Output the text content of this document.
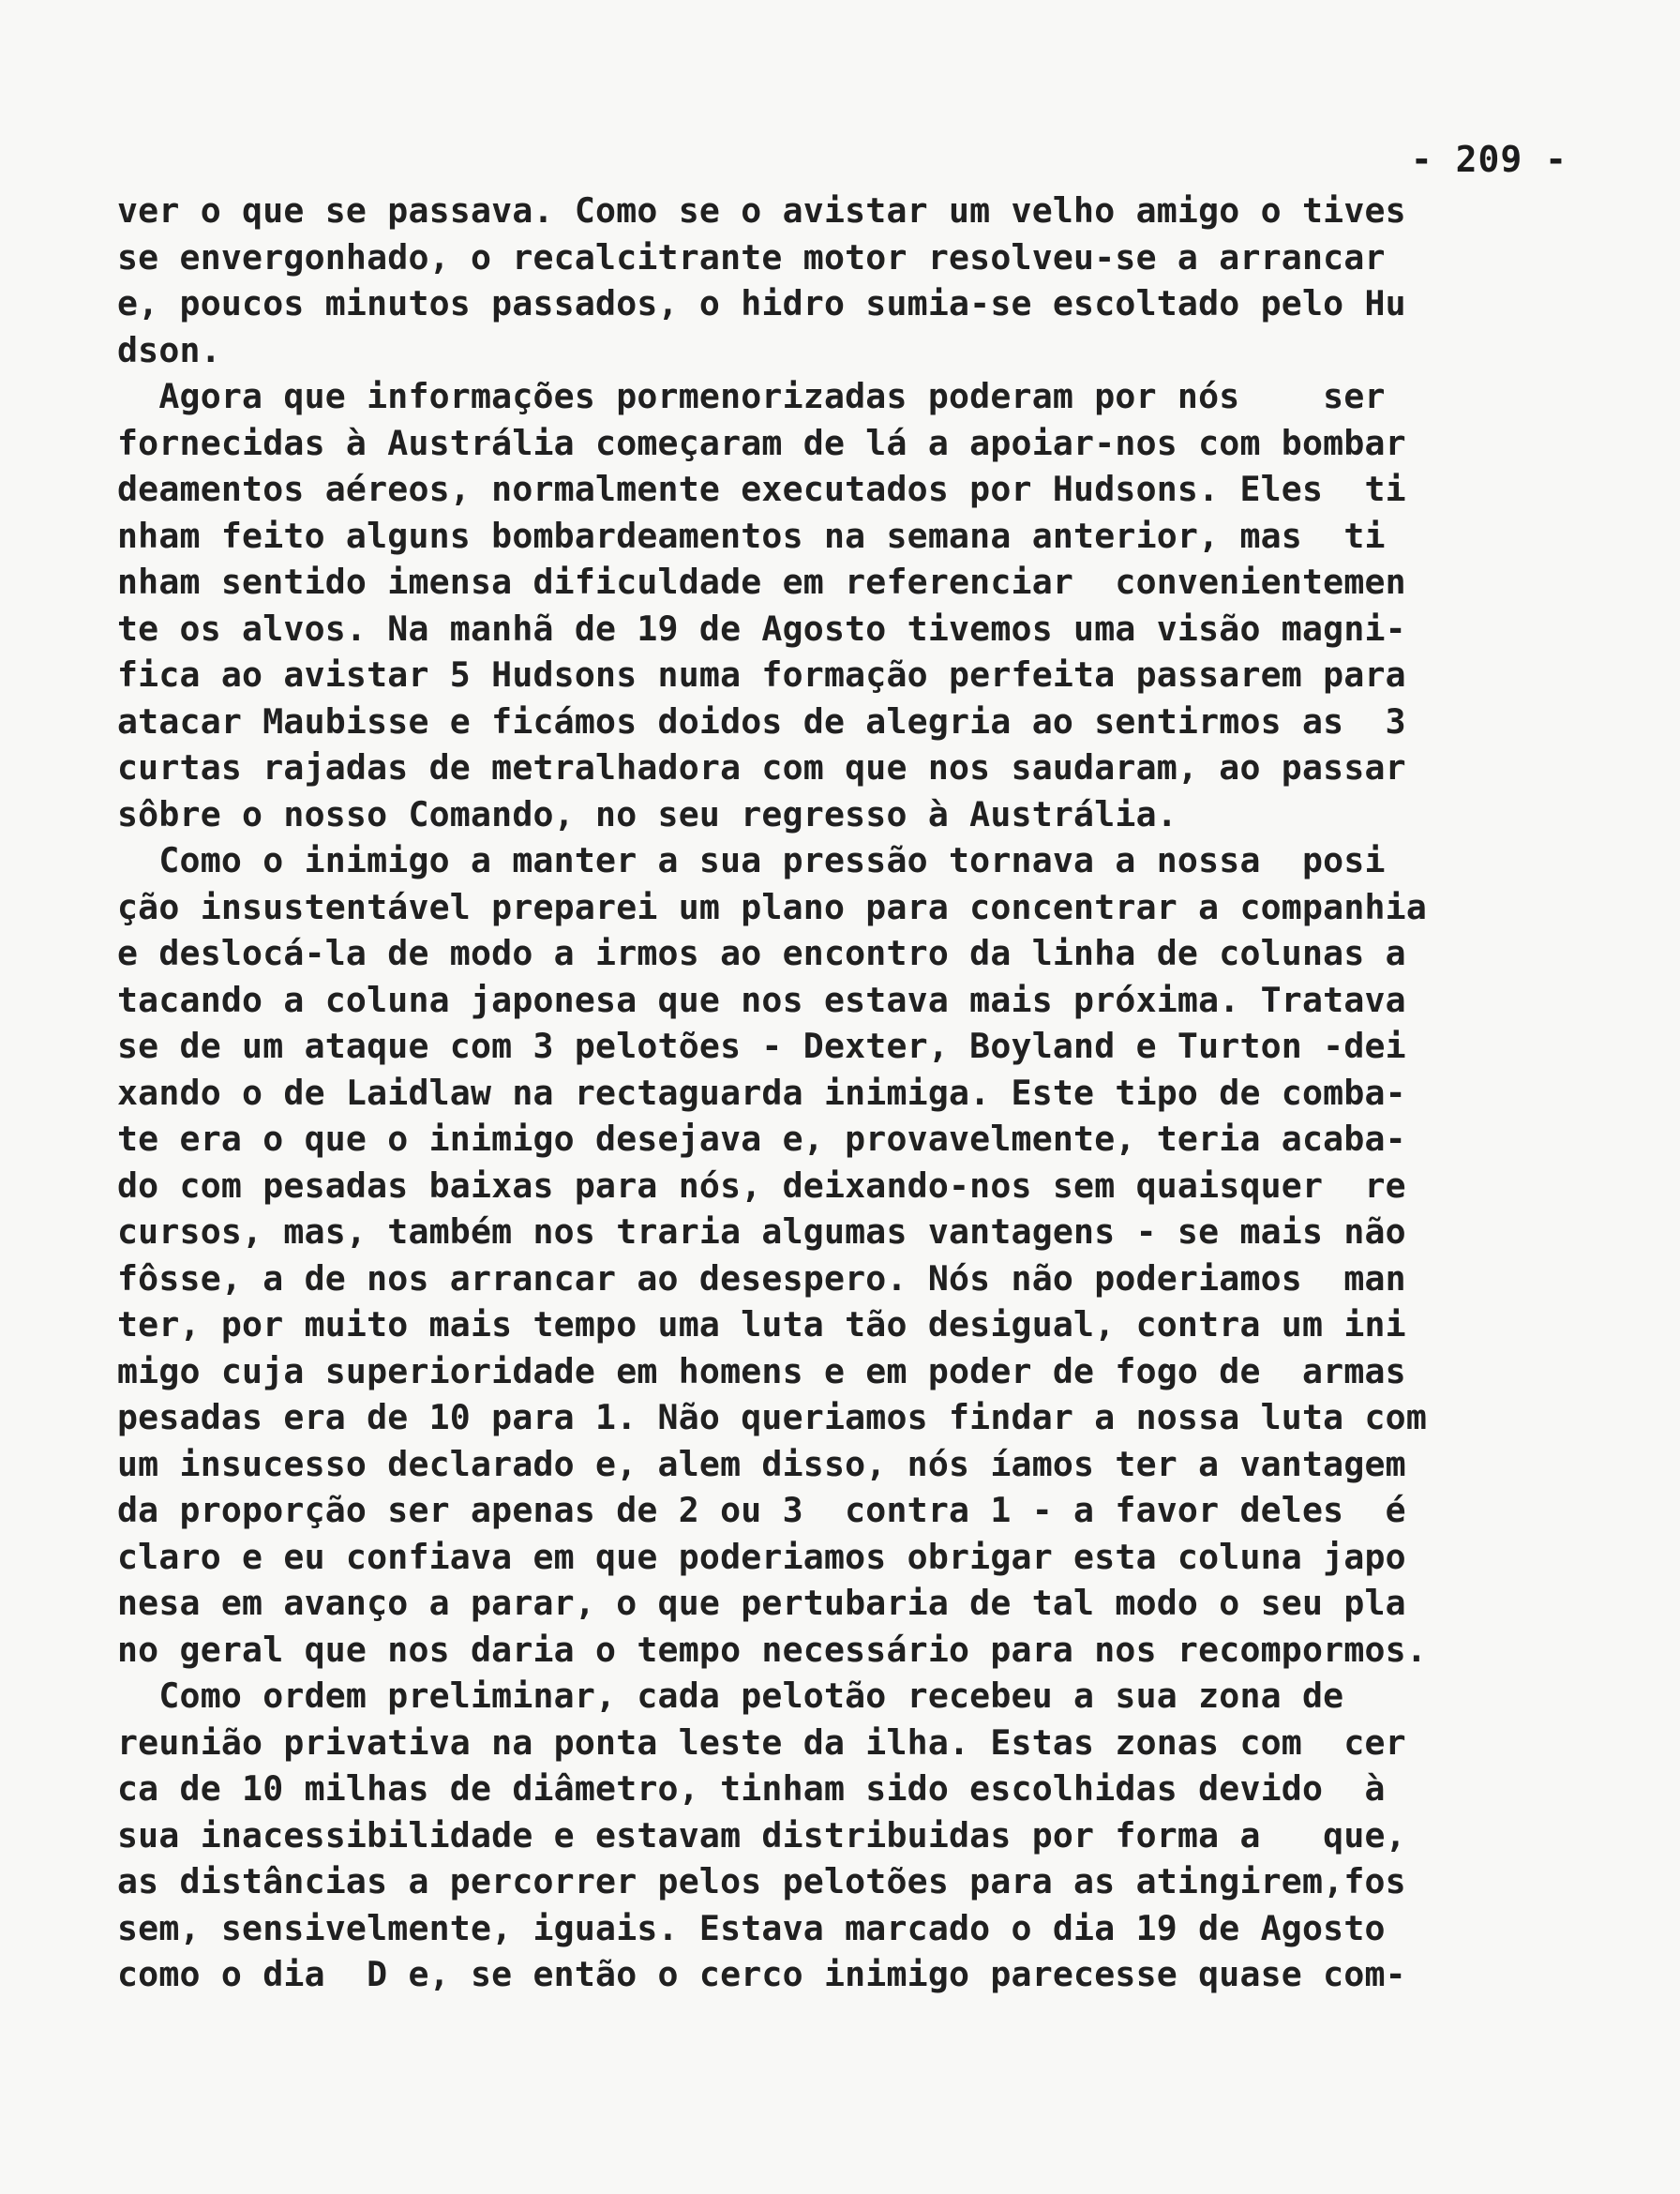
- 209 -
ver o que se passava. Como se o avistar um velho amigo o tives
se envergonhado, o recalcitrante motor resolveu-se a arrancar
e, poucos minutos passados, o hidro sumia-se escoltado pelo Hu
dson.
Agora que informações pormenorizadas poderam por nós    ser
fornecidas à Austrália começaram de lá a apoiar-nos com bombar
deamentos aéreos, normalmente executados por Hudsons. Eles  ti
nham feito alguns bombardeamentos na semana anterior, mas  ti
nham sentido imensa dificuldade em referenciar  convenientemen
te os alvos. Na manhã de 19 de Agosto tivemos uma visão magni-
fica ao avistar 5 Hudsons numa formação perfeita passarem para
atacar Maubisse e ficámos doidos de alegria ao sentirmos as  3
curtas rajadas de metralhadora com que nos saudaram, ao passar
sôbre o nosso Comando, no seu regresso à Austrália.
Como o inimigo a manter a sua pressão tornava a nossa  posi
ção insustentável preparei um plano para concentrar a companhia
e deslocá-la de modo a irmos ao encontro da linha de colunas a
tacando a coluna japonesa que nos estava mais próxima. Tratava
se de um ataque com 3 pelotões - Dexter, Boyland e Turton -dei
xando o de Laidlaw na rectaguarda inimiga. Este tipo de comba-
te era o que o inimigo desejava e, provavelmente, teria acaba-
do com pesadas baixas para nós, deixando-nos sem quaisquer  re
cursos, mas, também nos traria algumas vantagens - se mais não
fôsse, a de nos arrancar ao desespero. Nós não poderiamos  man
ter, por muito mais tempo uma luta tão desigual, contra um ini
migo cuja superioridade em homens e em poder de fogo de  armas
pesadas era de 10 para 1. Não queriamos findar a nossa luta com
um insucesso declarado e, alem disso, nós íamos ter a vantagem
da proporção ser apenas de 2 ou 3  contra 1 - a favor deles  é
claro e eu confiava em que poderiamos obrigar esta coluna japo
nesa em avanço a parar, o que pertubaria de tal modo o seu pla
no geral que nos daria o tempo necessário para nos recompormos.
Como ordem preliminar, cada pelotão recebeu a sua zona de
reunião privativa na ponta leste da ilha. Estas zonas com  cer
ca de 10 milhas de diâmetro, tinham sido escolhidas devido  à
sua inacessibilidade e estavam distribuidas por forma a   que,
as distâncias a percorrer pelos pelotões para as atingirem,fos
sem, sensivelmente, iguais. Estava marcado o dia 19 de Agosto
como o dia  D e, se então o cerco inimigo parecesse quase com-
